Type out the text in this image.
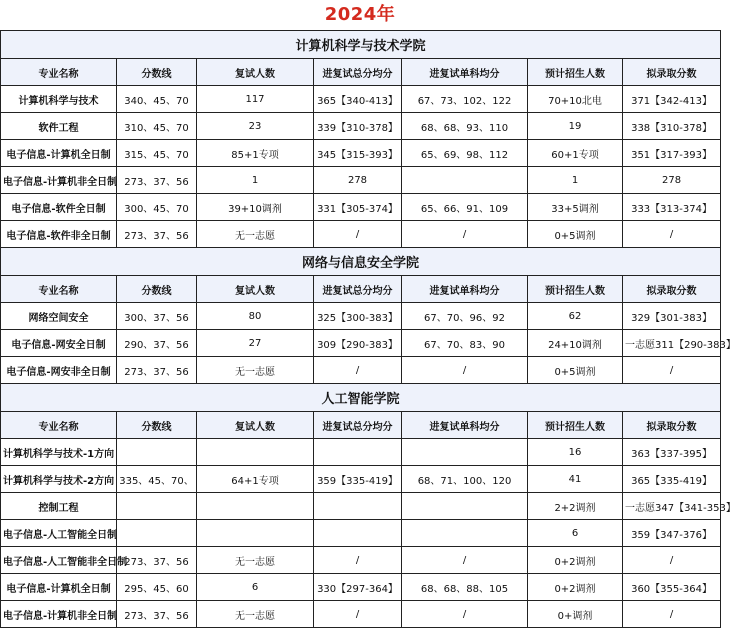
2024年
计算机科学与技术学院						
专业名称	分数线	复试人数	进复试总分均分	进复试单科均分	预计招生人数	拟录取分数
计算机科学与技术	340、45、70	117	365【340-413】	67、73、102、122	70+10北电	371【342-413】
软件工程	310、45、70	23	339【310-378】	68、68、93、110	19	338【310-378】
电子信息-计算机全日制	315、45、70	85+1专项	345【315-393】	65、69、98、112	60+1专项	351【317-393】
电子信息-计算机非全日制	273、37、56	1	278		1	278
电子信息-软件全日制	300、45、70	39+10调剂	331【305-374】	65、66、91、109	33+5调剂	333【313-374】
电子信息-软件非全日制	273、37、56	无一志愿	/	/	0+5调剂	/
网络与信息安全学院						
专业名称	分数线	复试人数	进复试总分均分	进复试单科均分	预计招生人数	拟录取分数
网络空间安全	300、37、56	80	325【300-383】	67、70、96、92	62	329【301-383】
电子信息-网安全日制	290、37、56	27	309【290-383】	67、70、83、90	24+10调剂	一志愿311【290-383】
电子信息-网安非全日制	273、37、56	无一志愿	/	/	0+5调剂	/
人工智能学院						
专业名称	分数线	复试人数	进复试总分均分	进复试单科均分	预计招生人数	拟录取分数
计算机科学与技术-1方向					16	363【337-395】
计算机科学与技术-2方向	335、45、70、	64+1专项	359【335-419】	68、71、100、120	41	365【335-419】
控制工程					2+2调剂	一志愿347【341-353】
电子信息-人工智能全日制					6	359【347-376】
电子信息-人工智能非全日制	273、37、56	无一志愿	/	/	0+2调剂	/
电子信息-计算机全日制	295、45、60	6	330【297-364】	68、68、88、105	0+2调剂	360【355-364】
电子信息-计算机非全日制	273、37、56	无一志愿	/	/	0+调剂	/
